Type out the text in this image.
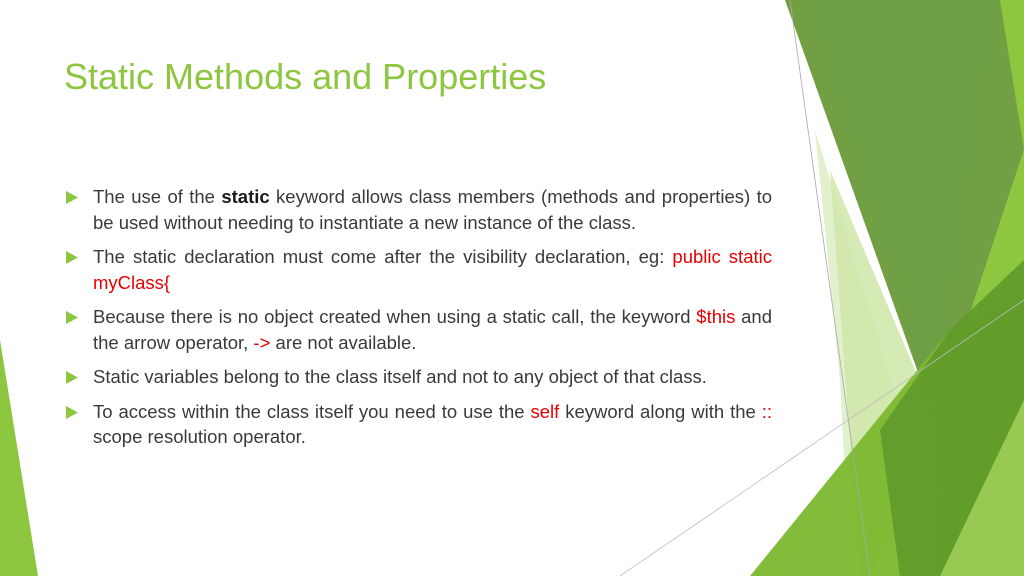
Static Methods and Properties
The use of the static keyword allows class members (methods and properties) to be used without needing to instantiate a new instance of the class.
The static declaration must come after the visibility declaration, eg: public static myClass{
Because there is no object created when using a static call, the keyword $this and the arrow operator, -> are not available.
Static variables belong to the class itself and not to any object of that class.
To access within the class itself you need to use the self keyword along with the :: scope resolution operator.
